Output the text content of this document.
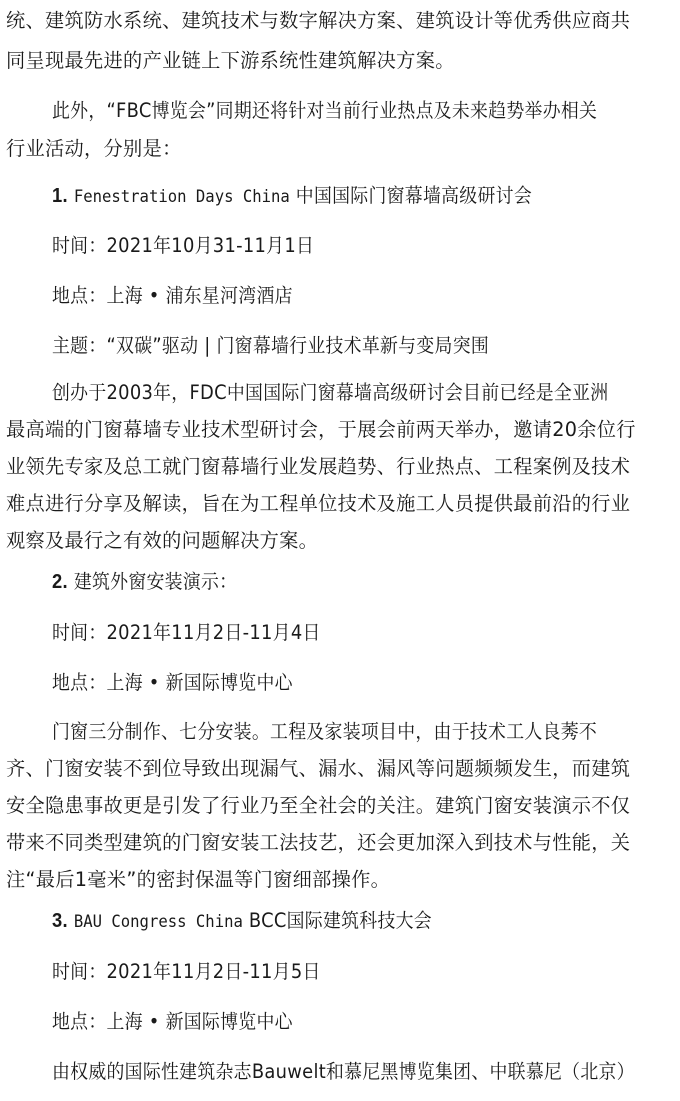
统、建筑防水系统、建筑技术与数字解决方案、建筑设计等优秀供应商共
同呈现最先进的产业链上下游系统性建筑解决方案。
此外，“FBC博览会”同期还将针对当前行业热点及未来趋势举办相关
行业活动，分别是：
1. Fenestration Days China 中国国际门窗幕墙高级研讨会
时间：2021年10月31-11月1日
地点：上海 • 浦东星河湾酒店
主题：“双碳”驱动 | 门窗幕墙行业技术革新与变局突围
创办于2003年，FDC中国国际门窗幕墙高级研讨会目前已经是全亚洲
最高端的门窗幕墙专业技术型研讨会，于展会前两天举办，邀请20余位行
业领先专家及总工就门窗幕墙行业发展趋势、行业热点、工程案例及技术
难点进行分享及解读，旨在为工程单位技术及施工人员提供最前沿的行业
观察及最行之有效的问题解决方案。
2. 建筑外窗安装演示：
时间：2021年11月2日-11月4日
地点：上海 • 新国际博览中心
门窗三分制作、七分安装。工程及家装项目中，由于技术工人良莠不
齐、门窗安装不到位导致出现漏气、漏水、漏风等问题频频发生，而建筑
安全隐患事故更是引发了行业乃至全社会的关注。建筑门窗安装演示不仅
带来不同类型建筑的门窗安装工法技艺，还会更加深入到技术与性能，关
注“最后1毫米”的密封保温等门窗细部操作。
3. BAU Congress China BCC国际建筑科技大会
时间：2021年11月2日-11月5日
地点：上海 • 新国际博览中心
由权威的国际性建筑杂志Bauwelt和慕尼黑博览集团、中联慕尼（北京）
